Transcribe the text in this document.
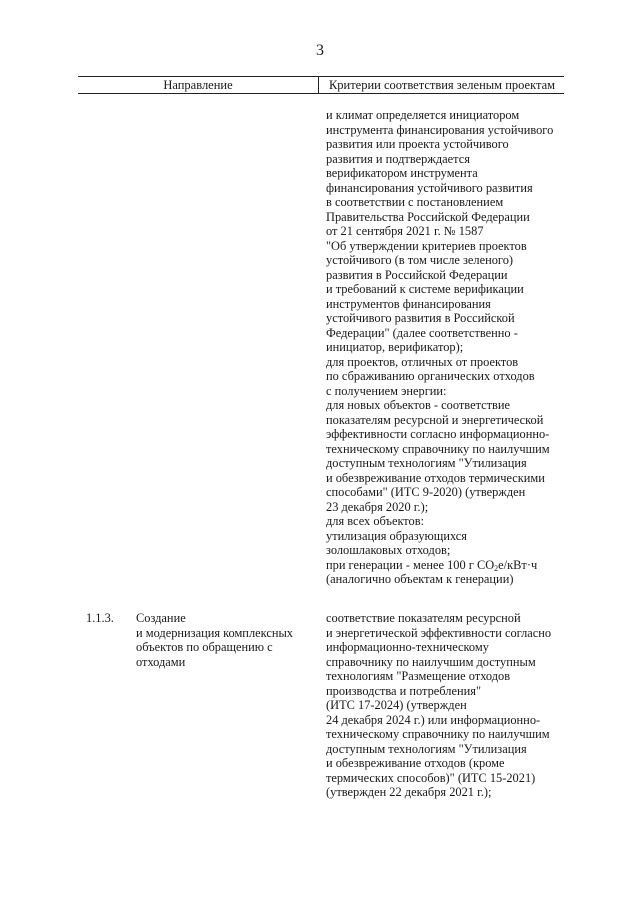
3
Направление	Критерии соответствия зеленым проектам
и климат определяется инициатором
инструмента финансирования устойчивого
развития или проекта устойчивого
развития и подтверждается
верификатором инструмента
финансирования устойчивого развития
в соответствии с постановлением
Правительства Российской Федерации
от 21 сентября 2021 г. № 1587
"Об утверждении критериев проектов
устойчивого (в том числе зеленого)
развития в Российской Федерации
и требований к системе верификации
инструментов финансирования
устойчивого развития в Российской
Федерации" (далее соответственно -
инициатор, верификатор);
для проектов, отличных от проектов
по сбраживанию органических отходов
с получением энергии:
для новых объектов - соответствие
показателям ресурсной и энергетической
эффективности согласно информационно-
техническому справочнику по наилучшим
доступным технологиям "Утилизация
и обезвреживание отходов термическими
способами" (ИТС 9-2020) (утвержден
23 декабря 2020 г.);
для всех объектов:
утилизация образующихся
золошлаковых отходов;
при генерации - менее 100 г $CO_2е/кВт\cdot ч$
(аналогично объектам к генерации)
1.1.3. Создание
и модернизация комплексных
объектов по обращению с
отходами
соответствие показателям ресурсной
и энергетической эффективности согласно
информационно-техническому
справочнику по наилучшим доступным
технологиям "Размещение отходов
производства и потребления"
(ИТС 17-2024) (утвержден
24 декабря 2024 г.) или информационно-
техническому справочнику по наилучшим
доступным технологиям "Утилизация
и обезвреживание отходов (кроме
термических способов)" (ИТС 15-2021)
(утвержден 22 декабря 2021 г.);
